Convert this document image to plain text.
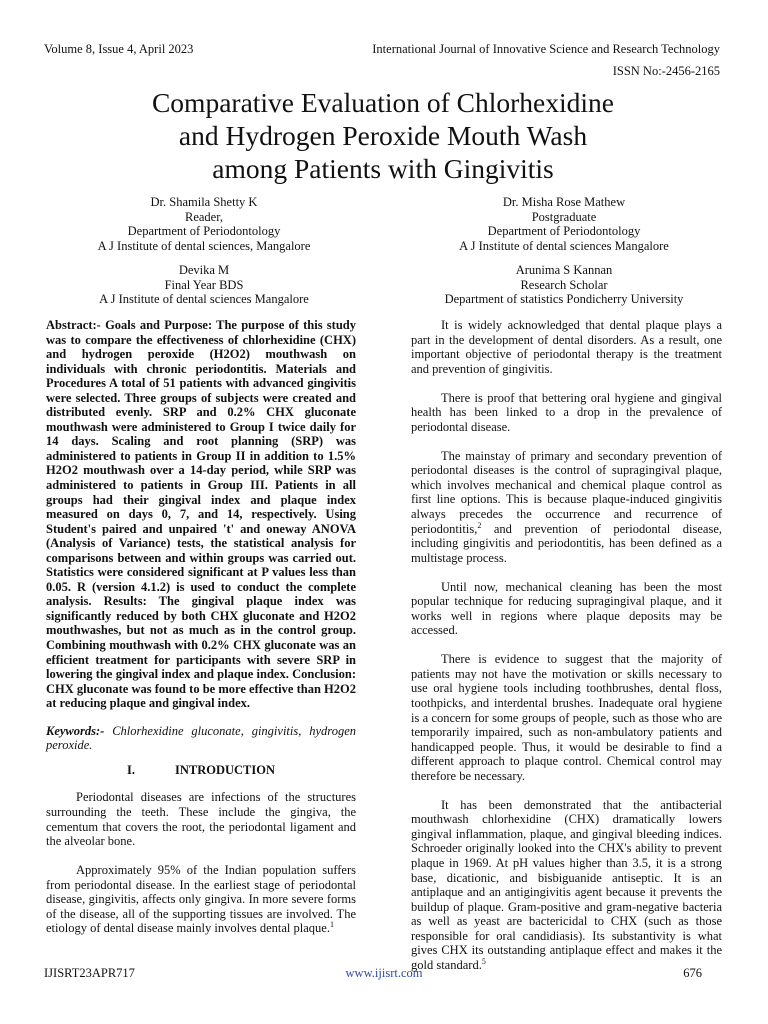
Volume 8, Issue 4, April 2023	International Journal of Innovative Science and Research Technology
ISSN No:-2456-2165
Comparative Evaluation of Chlorhexidine
and Hydrogen Peroxide Mouth Wash
among Patients with Gingivitis
Dr. Shamila Shetty K
Reader,
Department of Periodontology
A J Institute of dental sciences, Mangalore
Dr. Misha Rose Mathew
Postgraduate
Department of Periodontology
A J Institute of dental sciences Mangalore
Devika M
Final Year BDS
A J Institute of dental sciences Mangalore
Arunima S Kannan
Research Scholar
Department of statistics Pondicherry University

Abstract:- Goals and Purpose: The purpose of this study was to compare the effectiveness of chlorhexidine (CHX) and hydrogen peroxide (H2O2) mouthwash on individuals with chronic periodontitis. Materials and Procedures A total of 51 patients with advanced gingivitis were selected. Three groups of subjects were created and distributed evenly. SRP and 0.2% CHX gluconate mouthwash were administered to Group I twice daily for 14 days. Scaling and root planning (SRP) was administered to patients in Group II in addition to 1.5% H2O2 mouthwash over a 14-day period, while SRP was administered to patients in Group III. Patients in all groups had their gingival index and plaque index measured on days 0, 7, and 14, respectively. Using Student's paired and unpaired 't' and oneway ANOVA (Analysis of Variance) tests, the statistical analysis for comparisons between and within groups was carried out. Statistics were considered significant at P values less than 0.05. R (version 4.1.2) is used to conduct the complete analysis. Results: The gingival plaque index was significantly reduced by both CHX gluconate and H2O2 mouthwashes, but not as much as in the control group. Combining mouthwash with 0.2% CHX gluconate was an efficient treatment for participants with severe SRP in lowering the gingival index and plaque index. Conclusion: CHX gluconate was found to be more effective than H2O2 at reducing plaque and gingival index.

Keywords:- Chlorhexidine gluconate, gingivitis, hydrogen peroxide.

I.	INTRODUCTION

Periodontal diseases are infections of the structures surrounding the teeth. These include the gingiva, the cementum that covers the root, the periodontal ligament and the alveolar bone.

Approximately 95% of the Indian population suffers from periodontal disease. In the earliest stage of periodontal disease, gingivitis, affects only gingiva. In more severe forms of the disease, all of the supporting tissues are involved. The etiology of dental disease mainly involves dental plaque.$^1$

It is widely acknowledged that dental plaque plays a part in the development of dental disorders. As a result, one important objective of periodontal therapy is the treatment and prevention of gingivitis.

There is proof that bettering oral hygiene and gingival health has been linked to a drop in the prevalence of periodontal disease.

The mainstay of primary and secondary prevention of periodontal diseases is the control of supragingival plaque, which involves mechanical and chemical plaque control as first line options. This is because plaque-induced gingivitis always precedes the occurrence and recurrence of periodontitis,$^2$ and prevention of periodontal disease, including gingivitis and periodontitis, has been defined as a multistage process.

Until now, mechanical cleaning has been the most popular technique for reducing supragingival plaque, and it works well in regions where plaque deposits may be accessed.

There is evidence to suggest that the majority of patients may not have the motivation or skills necessary to use oral hygiene tools including toothbrushes, dental floss, toothpicks, and interdental brushes. Inadequate oral hygiene is a concern for some groups of people, such as those who are temporarily impaired, such as non-ambulatory patients and handicapped people. Thus, it would be desirable to find a different approach to plaque control. Chemical control may therefore be necessary.

It has been demonstrated that the antibacterial mouthwash chlorhexidine (CHX) dramatically lowers gingival inflammation, plaque, and gingival bleeding indices. Schroeder originally looked into the CHX's ability to prevent plaque in 1969. At pH values higher than 3.5, it is a strong base, dicationic, and bisbiguanide antiseptic. It is an antiplaque and an antigingivitis agent because it prevents the buildup of plaque. Gram-positive and gram-negative bacteria as well as yeast are bactericidal to CHX (such as those responsible for oral candidiasis). Its substantivity is what gives CHX its outstanding antiplaque effect and makes it the gold standard.$^5$

IJISRT23APR717	www.ijisrt.com	676
